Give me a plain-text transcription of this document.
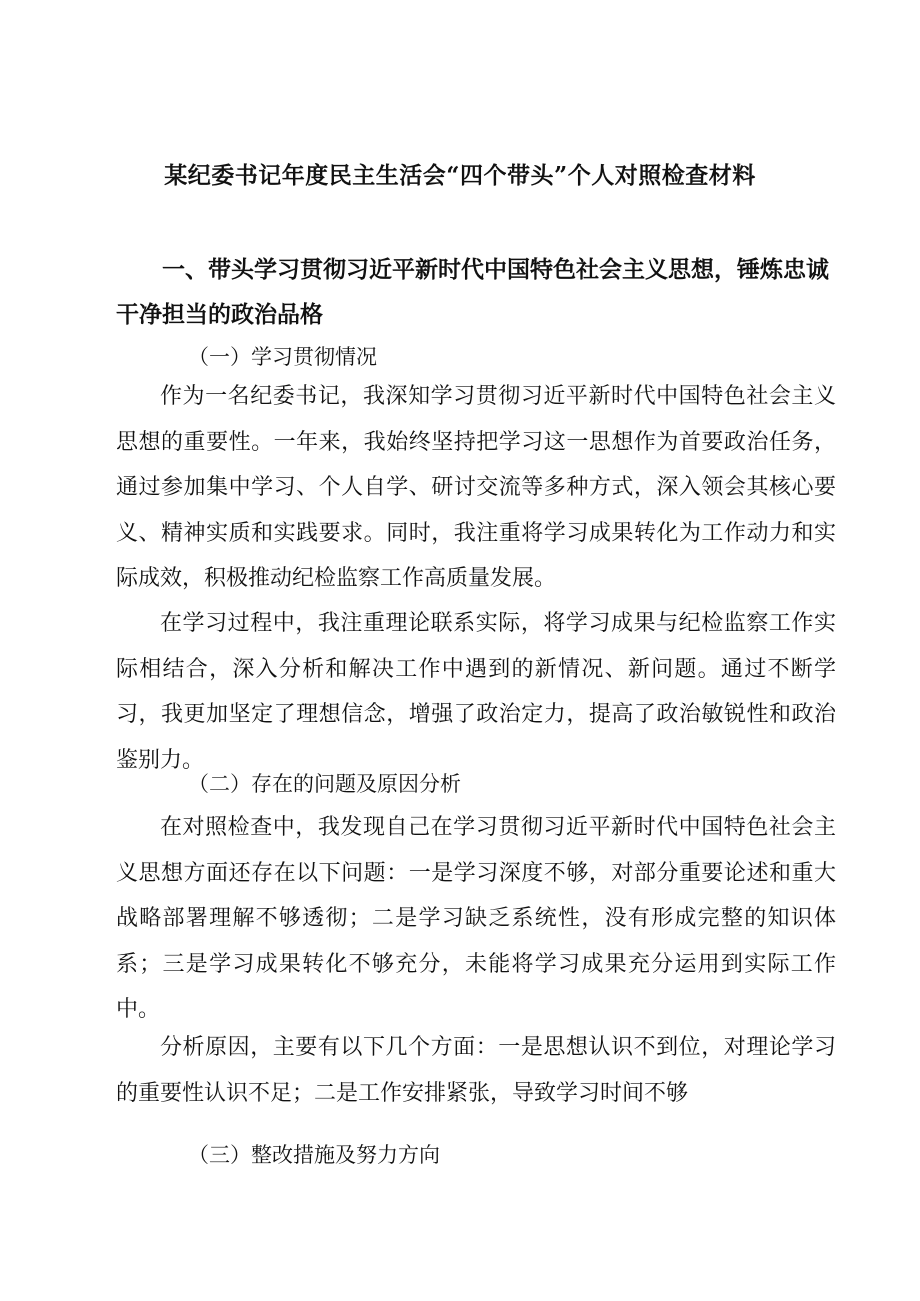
某纪委书记年度民主生活会“四个带头”个人对照检查材料
一、带头学习贯彻习近平新时代中国特色社会主义思想，锤炼忠诚干净担当的政治品格
（一）学习贯彻情况

作为一名纪委书记，我深知学习贯彻习近平新时代中国特色社会主义思想的重要性。一年来，我始终坚持把学习这一思想作为首要政治任务，通过参加集中学习、个人自学、研讨交流等多种方式，深入领会其核心要义、精神实质和实践要求。同时，我注重将学习成果转化为工作动力和实际成效，积极推动纪检监察工作高质量发展。

在学习过程中，我注重理论联系实际，将学习成果与纪检监察工作实际相结合，深入分析和解决工作中遇到的新情况、新问题。通过不断学习，我更加坚定了理想信念，增强了政治定力，提高了政治敏锐性和政治鉴别力。

（二）存在的问题及原因分析

在对照检查中，我发现自己在学习贯彻习近平新时代中国特色社会主义思想方面还存在以下问题：一是学习深度不够，对部分重要论述和重大战略部署理解不够透彻；二是学习缺乏系统性，没有形成完整的知识体系；三是学习成果转化不够充分，未能将学习成果充分运用到实际工作中。

分析原因，主要有以下几个方面：一是思想认识不到位，对理论学习的重要性认识不足；二是工作安排紧张，导致学习时间不够

（三）整改措施及努力方向
